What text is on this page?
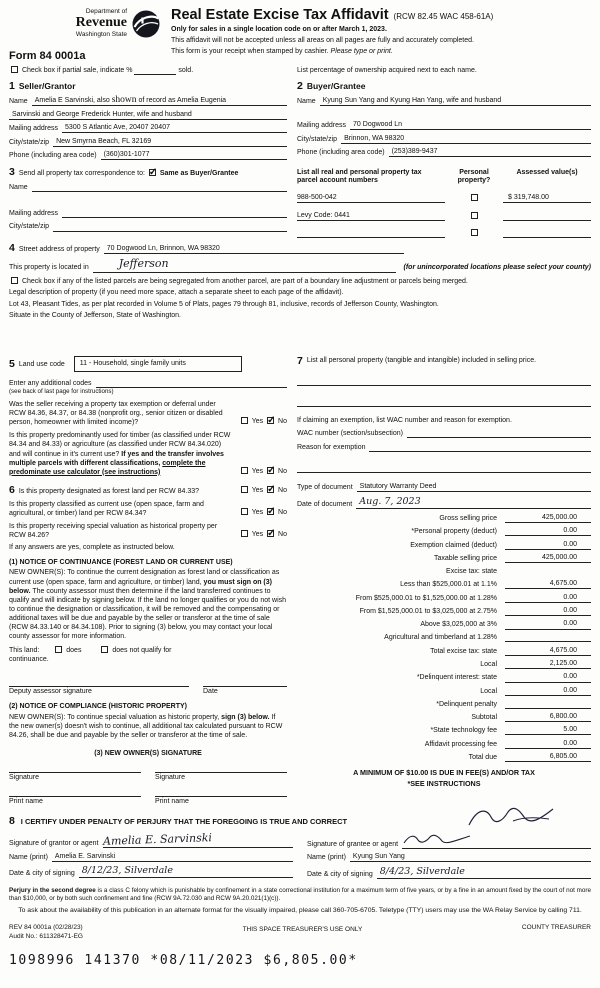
Department of
Revenue
Washington State
Form 84 0001a
Real Estate Excise Tax Affidavit (RCW 82.45 WAC 458-61A)
Only for sales in a single location code on or after March 1, 2023.
This affidavit will not be accepted unless all areas on all pages are fully and accurately completed.
This form is your receipt when stamped by cashier. Please type or print.
Check box if partial sale, indicate %	sold.	List percentage of ownership acquired next to each name.
1 Seller/Grantor
Name	Amelia E Sarvinski, also shown of record as Amelia Eugenia
Sarvinski and George Frederick Hunter, wife and husband
Mailing address	5300 S Atlantic Ave, 20407 20407
City/state/zip	New Smyrna Beach, FL 32169
Phone (including area code)	(360)301-1077
2 Buyer/Grantee
Name	Kyung Sun Yang and Kyung Han Yang, wife and husband
Mailing address	70 Dogwood Ln
City/state/zip	Brinnon, WA 98320
Phone (including area code)	(253)389-9437
3 Send all property tax correspondence to: ✓ Same as Buyer/Grantee
Name
Mailing address
City/state/zip
List all real and personal property tax parcel account numbers
Personal property?
Assessed value(s)
988-500-042	$ 319,748.00
Levy Code: 0441
4 Street address of property	70 Dogwood Ln, Brinnon, WA 98320
This property is located in	Jefferson	(for unincorporated locations please select your county)
Check box if any of the listed parcels are being segregated from another parcel, are part of a boundary line adjustment or parcels being merged.
Legal description of property (if you need more space, attach a separate sheet to each page of the affidavit).
Lot 43, Pleasant Tides, as per plat recorded in Volume 5 of Plats, pages 79 through 81, inclusive, records of Jefferson County, Washington.
Situate in the County of Jefferson, State of Washington.
5 Land use code	11 - Household, single family units
Enter any additional codes
(see back of last page for instructions)
Was the seller receiving a property tax exemption or deferral under RCW 84.36, 84.37, or 84.38 (nonprofit org., senior citizen or disabled person, homeowner with limited income)?	Yes ✓ No
Is this property predominantly used for timber (as classified under RCW 84.34 and 84.33) or agriculture (as classified under RCW 84.34.020) and will continue in it's current use? If yes and the transfer involves multiple parcels with different classifications, complete the predominate use calculator (see instructions)	Yes ✓ No
6 Is this property designated as forest land per RCW 84.33?	Yes ✓ No
Is this property classified as current use (open space, farm and agricultural, or timber) land per RCW 84.34?	Yes ✓ No
Is this property receiving special valuation as historical property per RCW 84.26?	Yes ✓ No
If any answers are yes, complete as instructed below.
(1) NOTICE OF CONTINUANCE (FOREST LAND OR CURRENT USE)
NEW OWNER(S): To continue the current designation as forest land or classification as current use (open space, farm and agriculture, or timber) land, you must sign on (3) below. The county assessor must then determine if the land transferred continues to qualify and will indicate by signing below. If the land no longer qualifies or you do not wish to continue the designation or classification, it will be removed and the compensating or additional taxes will be due and payable by the seller or transferor at the time of sale (RCW 84.33.140 or 84.34.108). Prior to signing (3) below, you may contact your local county assessor for more information.
This land:	does	does not qualify for
continuance.
Deputy assessor signature	Date
(2) NOTICE OF COMPLIANCE (HISTORIC PROPERTY)
NEW OWNER(S): To continue special valuation as historic property, sign (3) below. If the new owner(s) doesn't wish to continue, all additional tax calculated pursuant to RCW 84.26, shall be due and payable by the seller or transferor at the time of sale.
(3) NEW OWNER(S) SIGNATURE
Signature	Signature
Print name	Print name
7 List all personal property (tangible and intangible) included in selling price.
If claiming an exemption, list WAC number and reason for exemption.
WAC number (section/subsection)
Reason for exemption
Type of document	Statutory Warranty Deed
Date of document Aug. 7, 2023
Gross selling price	425,000.00
*Personal property (deduct)	0.00
Exemption claimed (deduct)	0.00
Taxable selling price	425,000.00
Excise tax: state
Less than $525,000.01 at 1.1%	4,675.00
From $525,000.01 to $1,525,000.00 at 1.28%	0.00
From $1,525,000.01 to $3,025,000 at 2.75%	0.00
Above $3,025,000 at 3%	0.00
Agricultural and timberland at 1.28%
Total excise tax: state	4,675.00
Local	2,125.00
*Delinquent interest: state	0.00
Local	0.00
*Delinquent penalty
Subtotal	6,800.00
*State technology fee	5.00
Affidavit processing fee	0.00
Total due	6,805.00
A MINIMUM OF $10.00 IS DUE IN FEE(S) AND/OR TAX
*SEE INSTRUCTIONS
8 I CERTIFY UNDER PENALTY OF PERJURY THAT THE FOREGOING IS TRUE AND CORRECT
Signature of grantor or agent Amelia E. Sarvinski
Name (print)	Amelia E. Sarvinski
Date & city of signing 8/12/23, Silverdale
Signature of grantee or agent
Name (print)	Kyung Sun Yang
Date & city of signing 8/4/23, Silverdale
Perjury in the second degree is a class C felony which is punishable by confinement in a state correctional institution for a maximum term of five years, or by a fine in an amount fixed by the court of not more than $10,000, or by both such confinement and fine (RCW 9A.72.030 and RCW 9A.20.021(1)(c)).
To ask about the availability of this publication in an alternate format for the visually impaired, please call 360-705-6705. Teletype (TTY) users may use the WA Relay Service by calling 711.
REV 84 0001a (02/28/23)
Audit No.: 611328471-EG
THIS SPACE TREASURER'S USE ONLY	COUNTY TREASURER
1098996 141370 *08/11/2023 $6,805.00*
